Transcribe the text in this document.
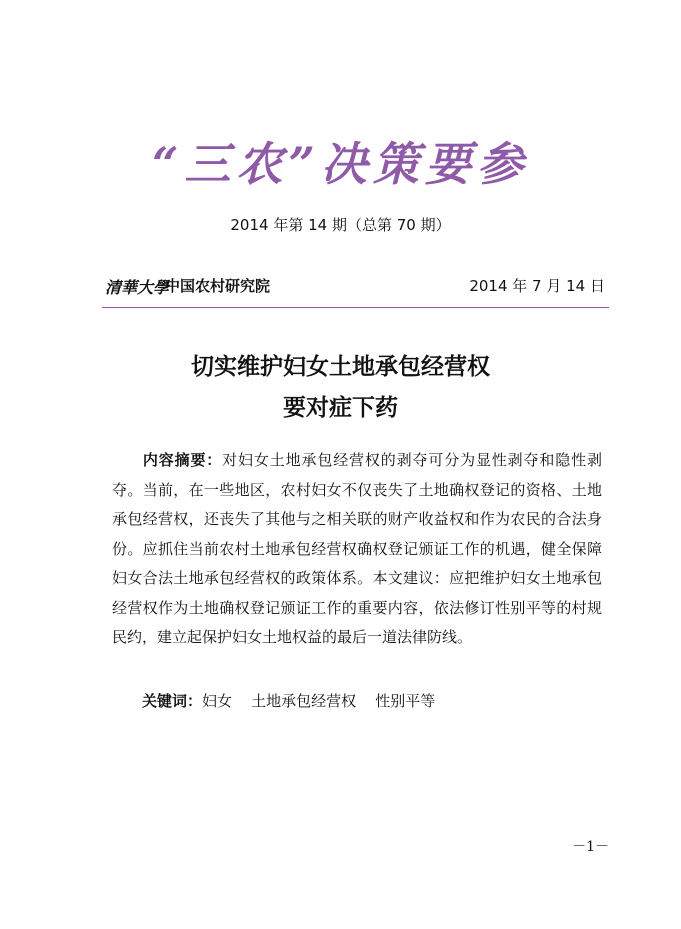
“三农”决策要参
2014 年第 14 期（总第 70 期）
清華大學
中国农村研究院	2014 年 7 月 14 日
切实维护妇女土地承包经营权
要对症下药
内容摘要：对妇女土地承包经营权的剥夺可分为显性剥夺和隐性剥夺。当前，在一些地区，农村妇女不仅丧失了土地确权登记的资格、土地承包经营权，还丧失了其他与之相关联的财产收益权和作为农民的合法身份。应抓住当前农村土地承包经营权确权登记颁证工作的机遇，健全保障妇女合法土地承包经营权的政策体系。本文建议：应把维护妇女土地承包经营权作为土地确权登记颁证工作的重要内容，依法修订性别平等的村规民约，建立起保护妇女土地权益的最后一道法律防线。
关键词：妇女 土地承包经营权 性别平等
－1－
